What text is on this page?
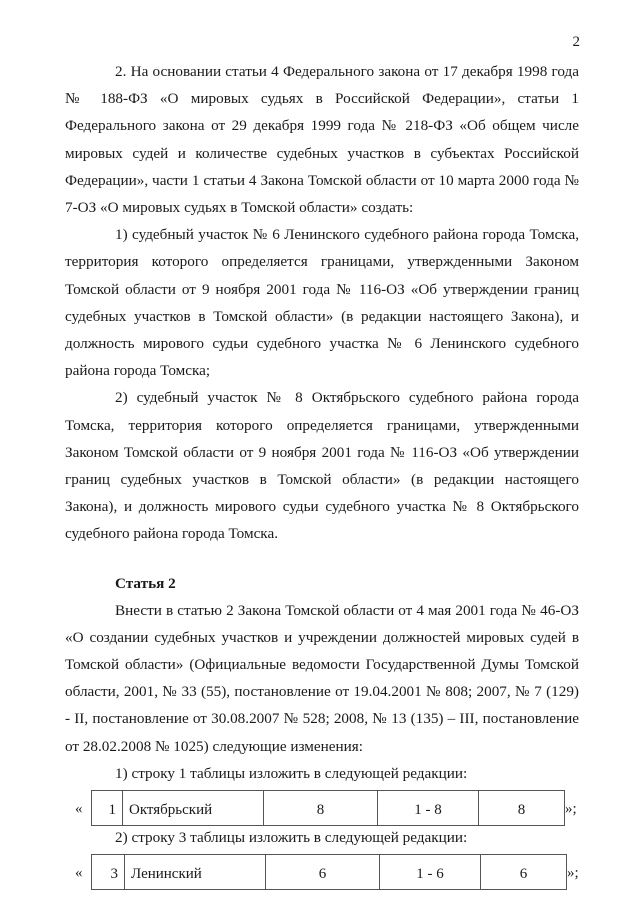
2

2. На основании статьи 4 Федерального закона от 17 декабря 1998 года № 188-ФЗ «О мировых судьях в Российской Федерации», статьи 1 Федерального закона от 29 декабря 1999 года № 218-ФЗ «Об общем числе мировых судей и количестве судебных участков в субъектах Российской Федерации», части 1 статьи 4 Закона Томской области от 10 марта 2000 года № 7-ОЗ «О мировых судьях в Томской области» создать:

1) судебный участок № 6 Ленинского судебного района города Томска, территория которого определяется границами, утвержденными Законом Томской области от 9 ноября 2001 года № 116-ОЗ «Об утверждении границ судебных участков в Томской области» (в редакции настоящего Закона), и должность мирового судьи судебного участка № 6 Ленинского судебного района города Томска;

2) судебный участок № 8 Октябрьского судебного района города Томска, территория которого определяется границами, утвержденными Законом Томской области от 9 ноября 2001 года № 116-ОЗ «Об утверждении границ судебных участков в Томской области» (в редакции настоящего Закона), и должность мирового судьи судебного участка № 8 Октябрьского судебного района города Томска.

Статья 2

Внести в статью 2 Закона Томской области от 4 мая 2001 года № 46-ОЗ «О создании судебных участков и учреждении должностей мировых судей в Томской области» (Официальные ведомости Государственной Думы Томской области, 2001, № 33 (55), постановление от 19.04.2001 № 808; 2007, № 7 (129) - II, постановление от 30.08.2007 № 528; 2008, № 13 (135) – III, постановление от 28.02.2008 № 1025) следующие изменения:

1) строку 1 таблицы изложить в следующей редакции:

« 1	Октябрьский	8	1 - 8	8	»;

2) строку 3 таблицы изложить в следующей редакции:

« 3	Ленинский	6	1 - 6	6	»;
